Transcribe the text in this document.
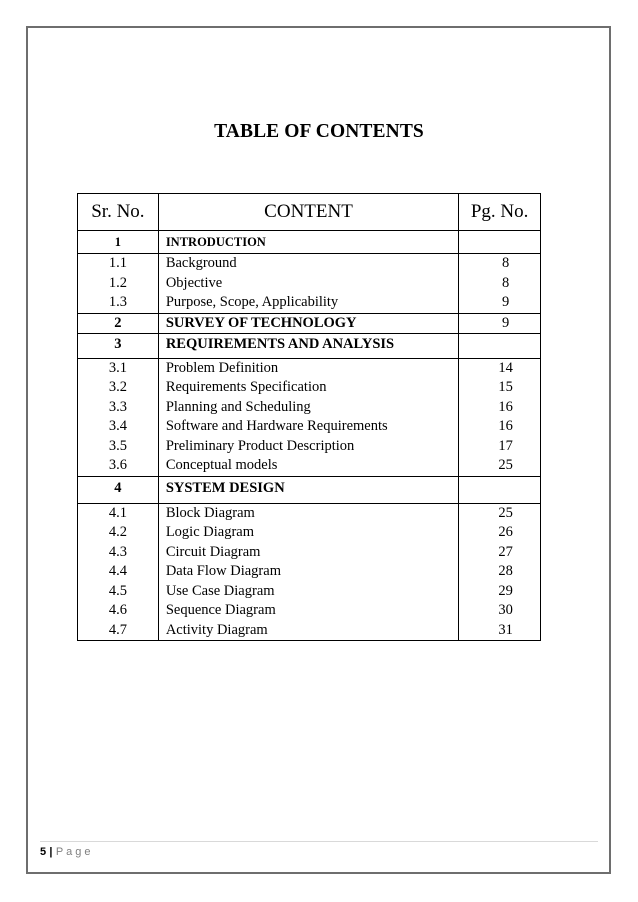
TABLE OF CONTENTS
Sr. No.	CONTENT	Pg. No.
1	INTRODUCTION	
1.1	Background	8
1.2	Objective	8
1.3	Purpose, Scope, Applicability	9
2	SURVEY OF TECHNOLOGY	9
3	REQUIREMENTS AND ANALYSIS	
3.1	Problem Definition	14
3.2	Requirements Specification	15
3.3	Planning and Scheduling	16
3.4	Software and Hardware Requirements	16
3.5	Preliminary Product Description	17
3.6	Conceptual models	25
4	SYSTEM DESIGN	
4.1	Block Diagram	25
4.2	Logic Diagram	26
4.3	Circuit Diagram	27
4.4	Data Flow Diagram	28
4.5	Use Case Diagram	29
4.6	Sequence Diagram	30
4.7	Activity Diagram	31
5 | Page
